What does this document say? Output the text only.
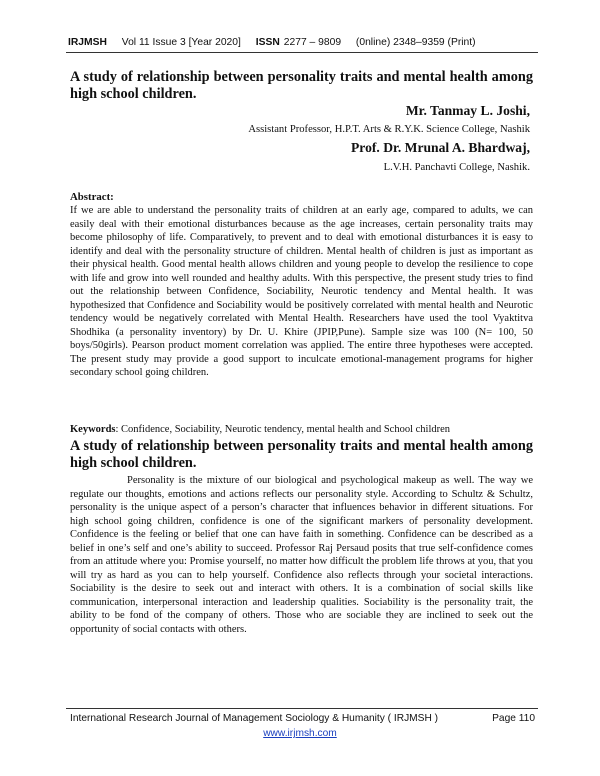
IRJMSH Vol 11 Issue 3 [Year 2020] ISSN 2277 – 9809 (0nline) 2348–9359 (Print)
A study of relationship between personality traits and mental health among high school children.
Mr. Tanmay L. Joshi,
Assistant Professor, H.P.T. Arts & R.Y.K. Science College, Nashik
Prof. Dr. Mrunal A. Bhardwaj,
L.V.H. Panchavti College, Nashik.
Abstract:
If we are able to understand the personality traits of children at an early age, compared to adults, we can easily deal with their emotional disturbances because as the age increases, certain personality traits may become philosophy of life. Comparatively, to prevent and to deal with emotional disturbances it is easy to identify and deal with the personality structure of children. Mental health of children is just as important as their physical health. Good mental health allows children and young people to develop the resilience to cope with life and grow into well rounded and healthy adults. With this perspective, the present study tries to find out the relationship between Confidence, Sociability, Neurotic tendency and Mental health. It was hypothesized that Confidence and Sociability would be positively correlated with mental health and Neurotic tendency would be negatively correlated with Mental Health. Researchers have used the tool Vyaktitva Shodhika (a personality inventory) by Dr. U. Khire (JPIP,Pune). Sample size was 100 (N= 100, 50 boys/50girls). Pearson product moment correlation was applied. The entire three hypotheses were accepted. The present study may provide a good support to inculcate emotional-management programs for higher secondary school going children.
Keywords: Confidence, Sociability, Neurotic tendency, mental health and School children
A study of relationship between personality traits and mental health among high school children.
Personality is the mixture of our biological and psychological makeup as well. The way we regulate our thoughts, emotions and actions reflects our personality style. According to Schultz & Schultz, personality is the unique aspect of a person’s character that influences behavior in different situations. For high school going children, confidence is one of the significant markers of personality development. Confidence is the feeling or belief that one can have faith in something. Confidence can be described as a belief in one’s self and one’s ability to succeed. Professor Raj Persaud posits that true self-confidence comes from an attitude where you: Promise yourself, no matter how difficult the problem life throws at you, that you will try as hard as you can to help yourself. Confidence also reflects through your societal interactions. Sociability is the desire to seek out and interact with others. It is a combination of social skills like communication, interpersonal interaction and leadership qualities. Sociability is the personality trait, the ability to be fond of the company of others. Those who are sociable they are inclined to seek out the opportunity of social contacts with others.
International Research Journal of Management Sociology & Humanity ( IRJMSH )	Page 110
www.irjmsh.com
